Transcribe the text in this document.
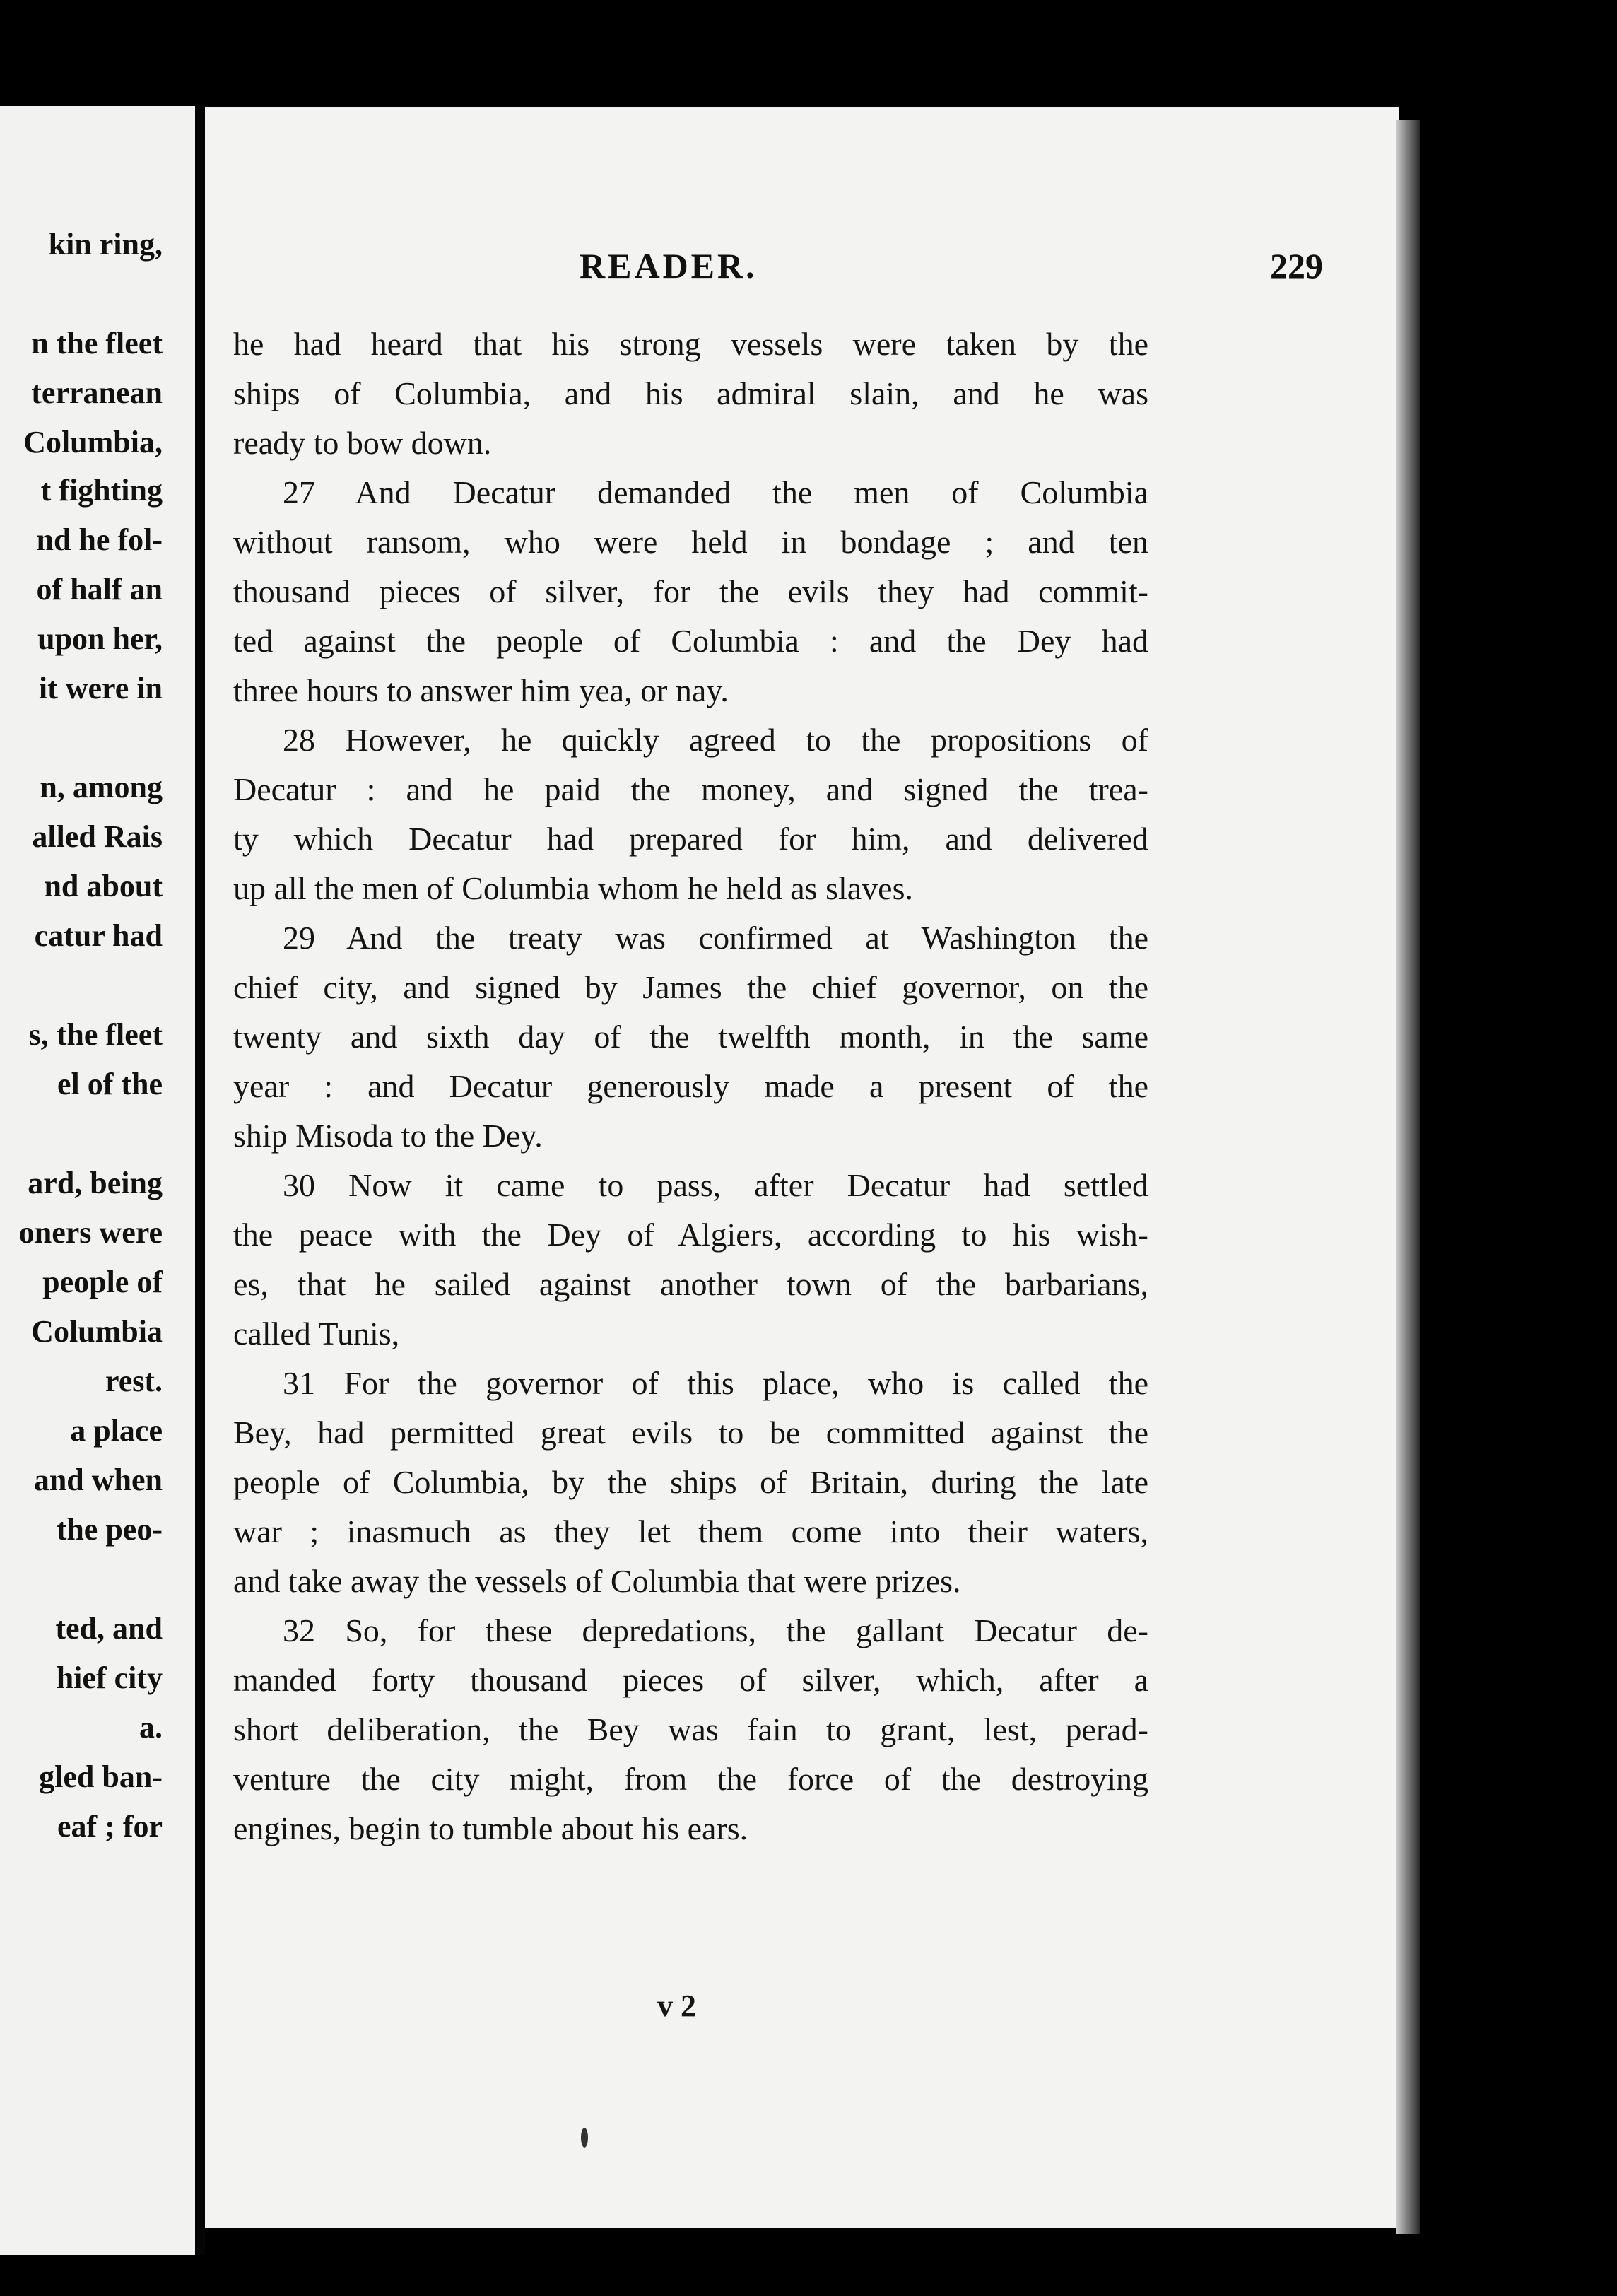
kin ring,
n the fleet
terranean
Columbia,
t fighting
nd he fol-
of half an
upon her,
it were in
n, among
alled Rais
nd about
catur had
s, the fleet
el of the
ard, being
oners were
people of
Columbia
rest.
a place
and when
the peo-
ted, and
hief city
a.
gled ban-
eaf ; for
READER.	229
he had heard that his strong vessels were taken by the
ships of Columbia, and his admiral slain, and he was
ready to bow down.
27 And Decatur demanded the men of Columbia
without ransom, who were held in bondage ; and ten
thousand pieces of silver, for the evils they had commit-
ted against the people of Columbia : and the Dey had
three hours to answer him yea, or nay.
28 However, he quickly agreed to the propositions of
Decatur : and he paid the money, and signed the trea-
ty which Decatur had prepared for him, and delivered
up all the men of Columbia whom he held as slaves.
29 And the treaty was confirmed at Washington the
chief city, and signed by James the chief governor, on the
twenty and sixth day of the twelfth month, in the same
year : and Decatur generously made a present of the
ship Misoda to the Dey.
30 Now it came to pass, after Decatur had settled
the peace with the Dey of Algiers, according to his wish-
es, that he sailed against another town of the barbarians,
called Tunis,
31 For the governor of this place, who is called the
Bey, had permitted great evils to be committed against the
people of Columbia, by the ships of Britain, during the late
war ; inasmuch as they let them come into their waters,
and take away the vessels of Columbia that were prizes.
32 So, for these depredations, the gallant Decatur de-
manded forty thousand pieces of silver, which, after a
short deliberation, the Bey was fain to grant, lest, perad-
venture the city might, from the force of the destroying
engines, begin to tumble about his ears.
v 2
